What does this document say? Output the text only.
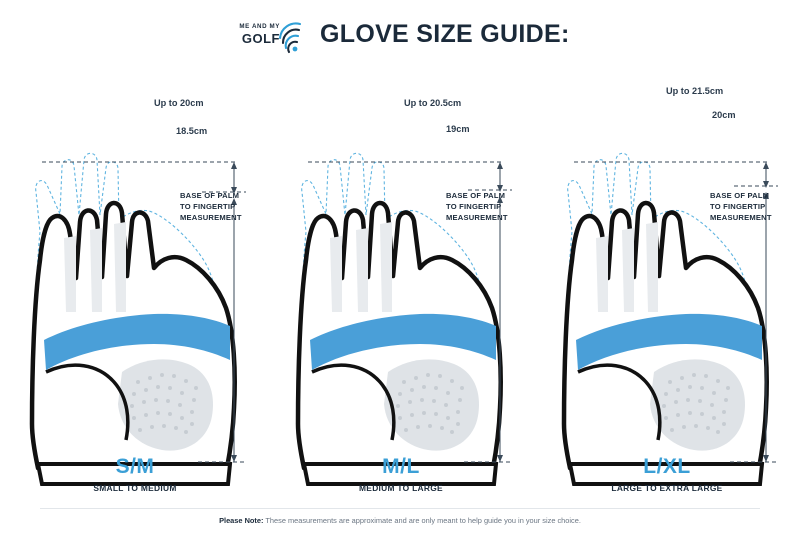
ME AND MY
GOLF GLOVE SIZE GUIDE:
Up to 20cm
18.5cm
BASE OF PALM
TO FINGERTIP
MEASUREMENT
Up to 20.5cm
19cm
BASE OF PALM
TO FINGERTIP
MEASUREMENT
Up to 21.5cm
20cm
BASE OF PALM
TO FINGERTIP
MEASUREMENT
S/M
SMALL TO MEDIUM
M/L
MEDIUM TO LARGE
L/XL
LARGE TO EXTRA LARGE
Please Note: These measurements are approximate and are only meant to help guide you in your size choice.
